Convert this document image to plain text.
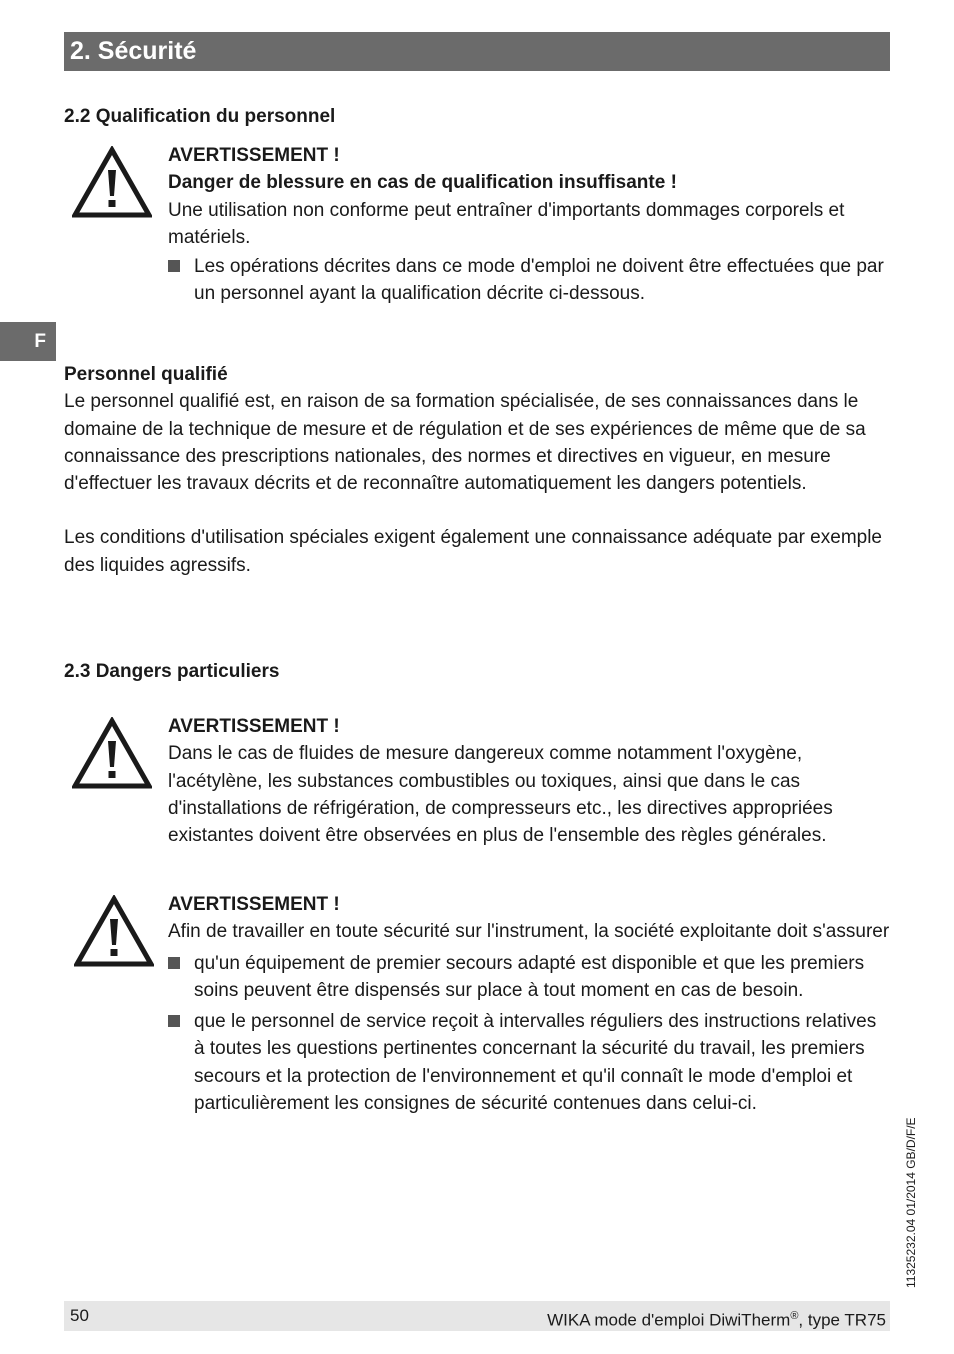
2. Sécurité
F
2.2 Qualification du personnel

AVERTISSEMENT !

Danger de blessure en cas de qualification insuffisante !

Une utilisation non conforme peut entraîner d'importants dommages corporels et matériels.

Les opérations décrites dans ce mode d'emploi ne doivent être effectuées que par un personnel ayant la qualification décrite ci-dessous.

Personnel qualifié

Le personnel qualifié est, en raison de sa formation spécialisée, de ses connaissances dans le domaine de la technique de mesure et de régulation et de ses expériences de même que de sa connaissance des prescriptions nationales, des normes et directives en vigueur, en mesure d'effectuer les travaux décrits et de reconnaître automatiquement les dangers potentiels.

Les conditions d'utilisation spéciales exigent également une connaissance adéquate par exemple des liquides agressifs.

2.3 Dangers particuliers

AVERTISSEMENT !

Dans le cas de fluides de mesure dangereux comme notamment l'oxygène, l'acétylène, les substances combustibles ou toxiques, ainsi que dans le cas d'installations de réfrigération, de compresseurs etc., les directives appropriées existantes doivent être observées en plus de l'ensemble des règles générales.

AVERTISSEMENT !

Afin de travailler en toute sécurité sur l'instrument, la société exploitante doit s'assurer

qu'un équipement de premier secours adapté est disponible et que les premiers soins peuvent être dispensés sur place à tout moment en cas de besoin.
que le personnel de service reçoit à intervalles réguliers des instructions relatives à toutes les questions pertinentes concernant la sécurité du travail, les premiers secours et la protection de l'environnement et qu'il connaît le mode d'emploi et particulièrement les consignes de sécurité contenues dans celui-ci.
11325232.04 01/2014 GB/D/F/E
50	WIKA mode d'emploi DiwiTherm®, type TR75
